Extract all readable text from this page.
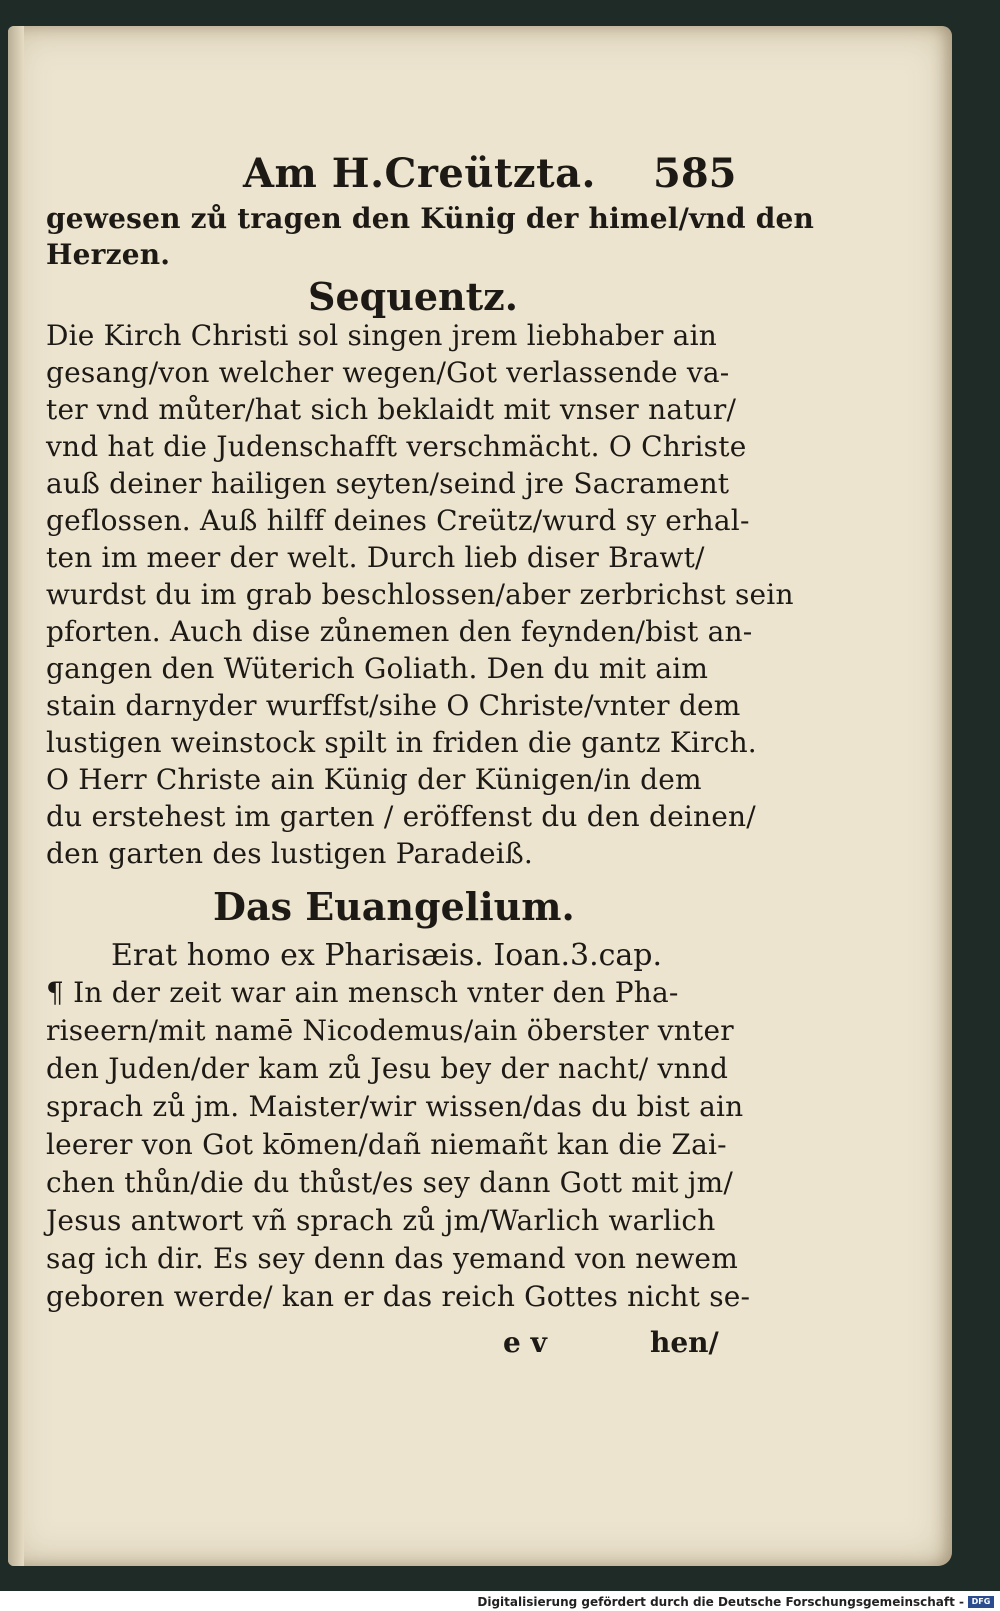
Am H.Creützta. 585
gewesen zů tragen den Künig der himel/vnd den
Herzen.
Sequentz.
Die Kirch Christi sol singen jrem liebhaber ain
gesang/von welcher wegen/Got verlassende va-
ter vnd můter/hat sich beklaidt mit vnser natur/
vnd hat die Judenschafft verschmächt. O Christe
auß deiner hailigen seyten/seind jre Sacrament
geflossen. Auß hilff deines Creütz/wurd sy erhal-
ten im meer der welt. Durch lieb diser Brawt/
wurdst du im grab beschlossen/aber zerbrichst sein
pforten. Auch dise zůnemen den feynden/bist an-
gangen den Wüterich Goliath. Den du mit aim
stain darnyder wurffst/sihe O Christe/vnter dem
lustigen weinstock spilt in friden die gantz Kirch.
O Herr Christe ain Künig der Künigen/in dem
du erstehest im garten / eröffenst du den deinen/
den garten des lustigen Paradeiß.
Das Euangelium.
Erat homo ex Pharisæis. Ioan.3.cap.
¶ In der zeit war ain mensch vnter den Pha-
riseern/mit namē Nicodemus/ain öberster vnter
den Juden/der kam zů Jesu bey der nacht/ vnnd
sprach zů jm. Maister/wir wissen/das du bist ain
leerer von Got kōmen/dañ niemañt kan die Zai-
chen thůn/die du thůst/es sey dann Gott mit jm/
Jesus antwort vñ sprach zů jm/Warlich warlich
sag ich dir. Es sey denn das yemand von newem
geboren werde/ kan er das reich Gottes nicht se-
e v	hen/
Digitalisierung gefördert durch die Deutsche Forschungsgemeinschaft - DFG
